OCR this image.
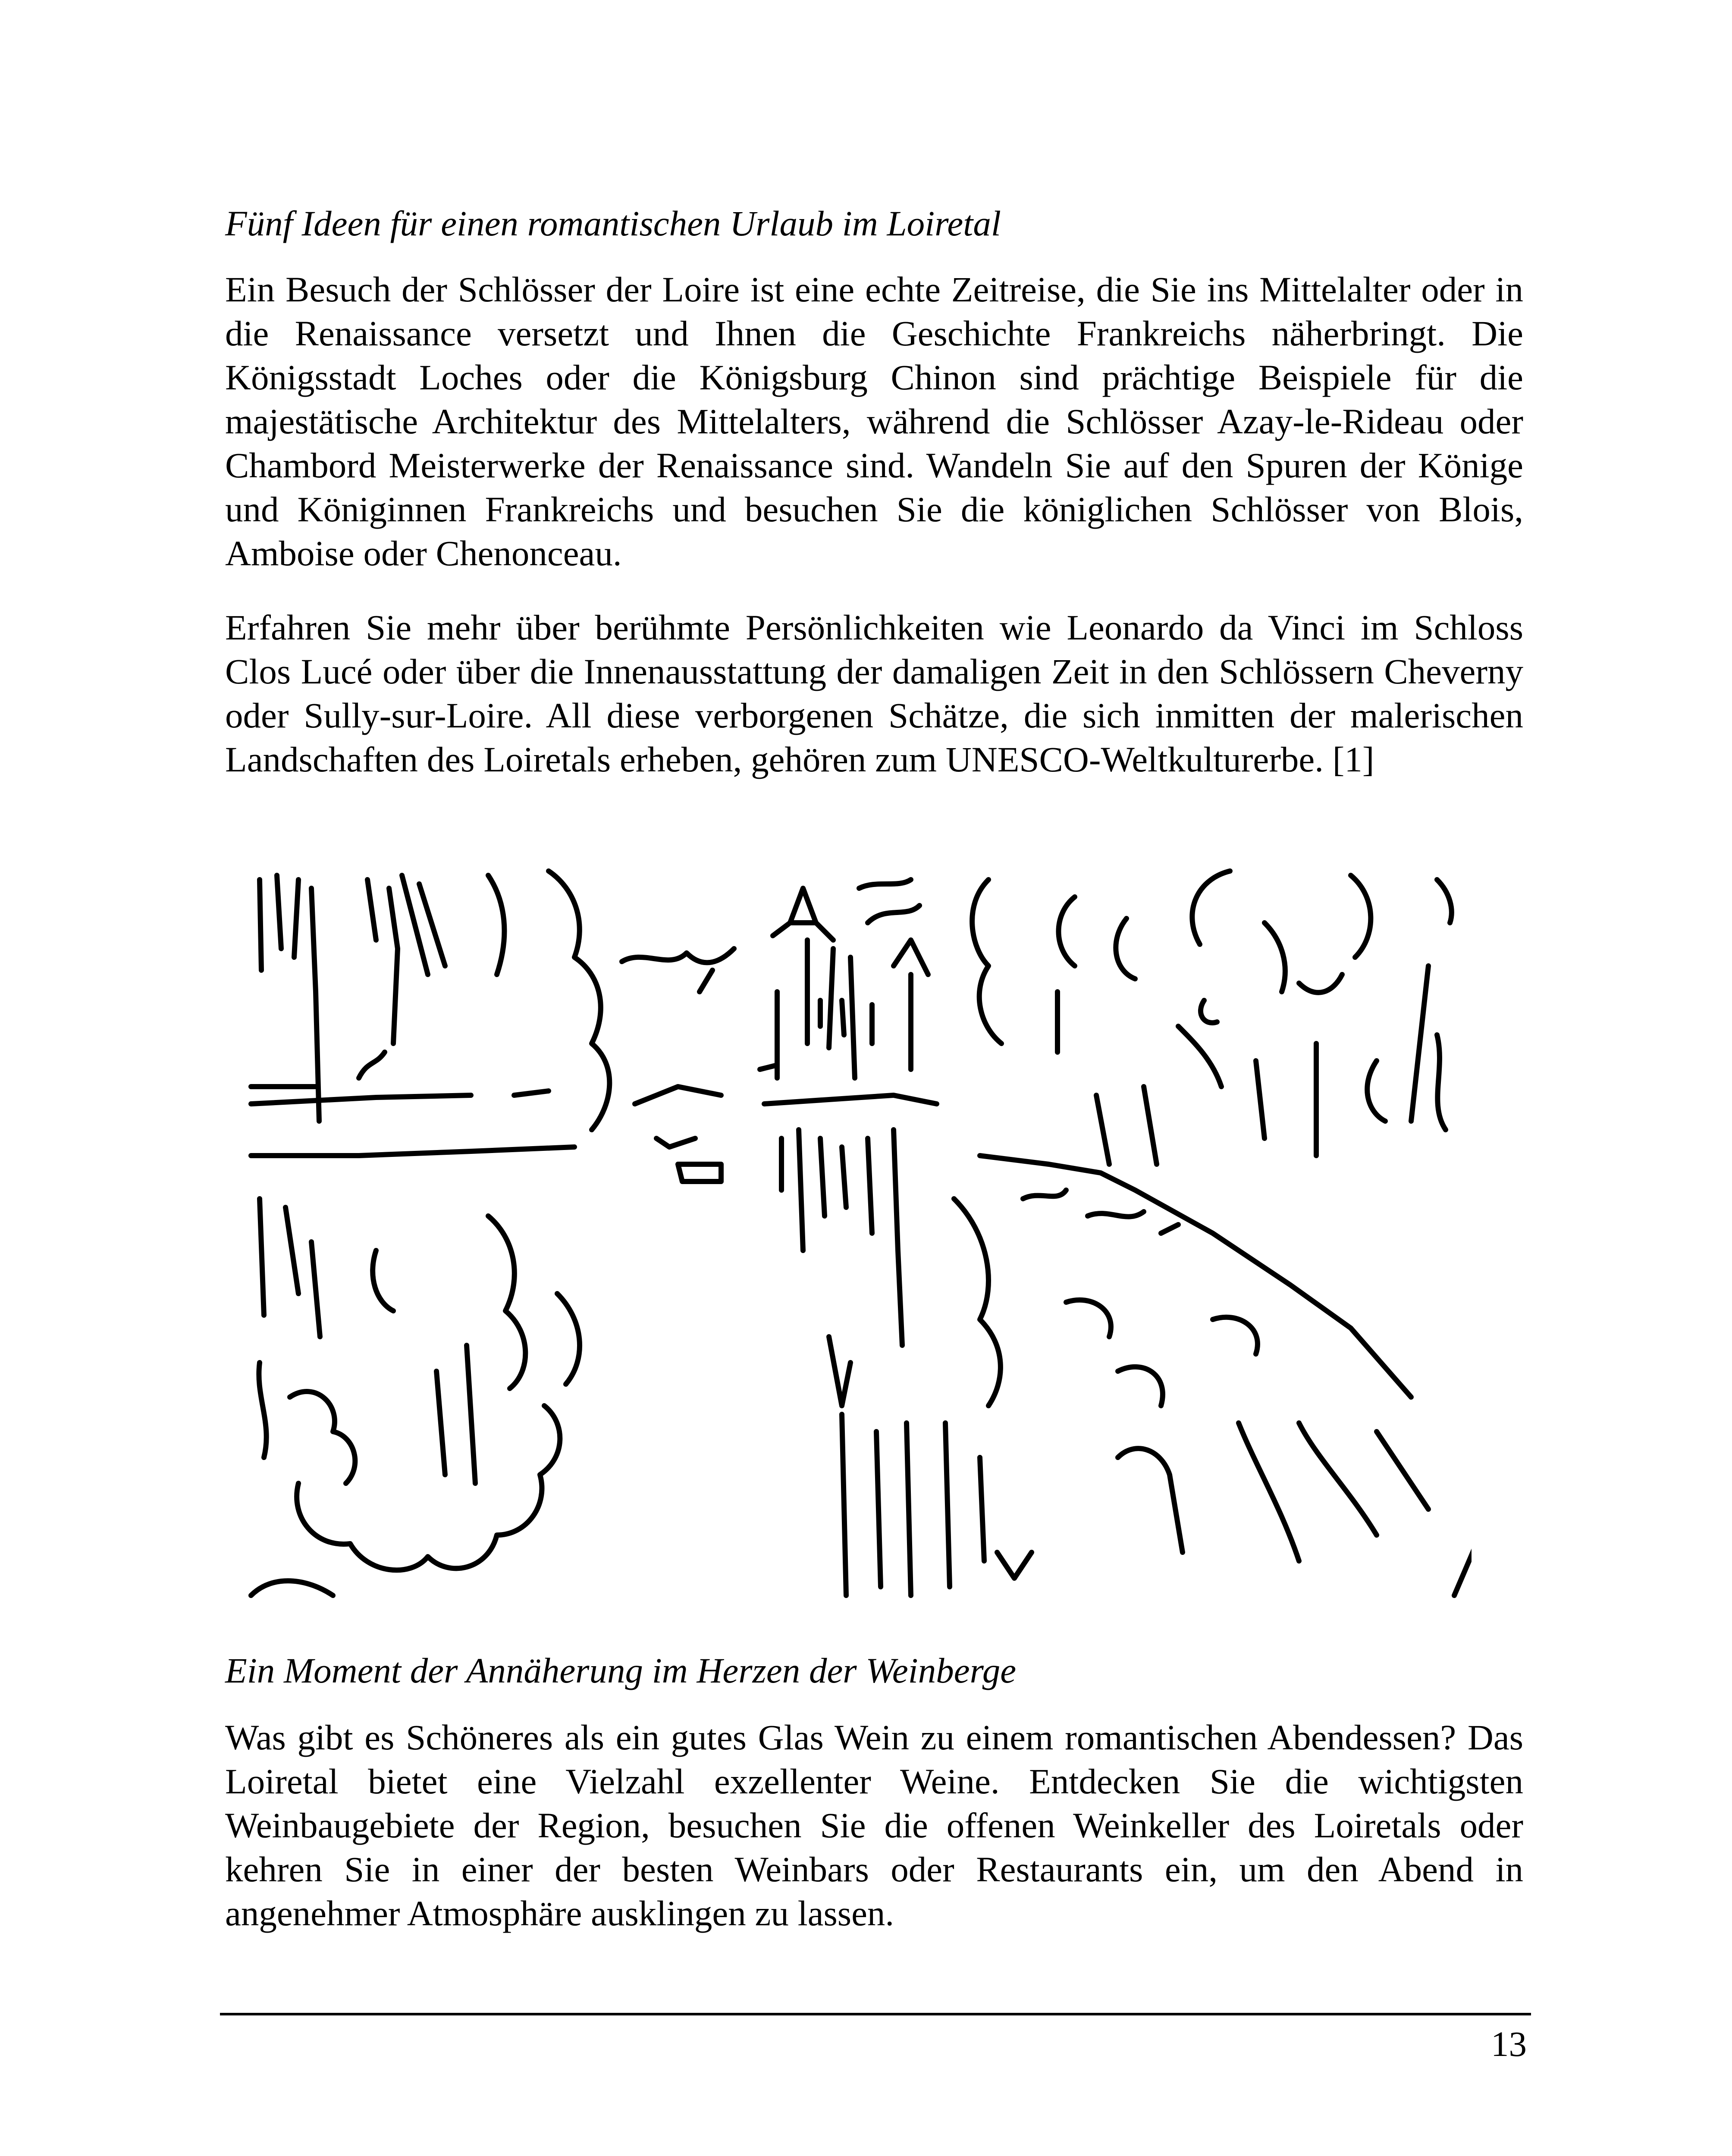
Fünf Ideen für einen romantischen Urlaub im Loiretal
Ein Besuch der Schlösser der Loire ist eine echte Zeitreise, die Sie ins Mittelalter oder in die Renaissance versetzt und Ihnen die Geschichte Frankreichs näherbringt. Die Königsstadt Loches oder die Königsburg Chinon sind prächtige Beispiele für die majestätische Architektur des Mittelalters, während die Schlösser Azay-le-Rideau oder Chambord Meisterwerke der Renaissance sind. Wandeln Sie auf den Spuren der Könige und Königinnen Frankreichs und besuchen Sie die königlichen Schlösser von Blois, Amboise oder Chenonceau.
Erfahren Sie mehr über berühmte Persönlichkeiten wie Leonardo da Vinci im Schloss Clos Lucé oder über die Innenausstattung der damaligen Zeit in den Schlössern Cheverny oder Sully-sur-Loire. All diese verborgenen Schätze, die sich inmitten der malerischen Landschaften des Loiretals erheben, gehören zum UNESCO-Weltkulturerbe. [1]
Ein Moment der Annäherung im Herzen der Weinberge
Was gibt es Schöneres als ein gutes Glas Wein zu einem romantischen Abendessen? Das Loiretal bietet eine Vielzahl exzellenter Weine. Entdecken Sie die wichtigsten Weinbaugebiete der Region, besuchen Sie die offenen Weinkeller des Loiretals oder kehren Sie in einer der besten Weinbars oder Restaurants ein, um den Abend in angenehmer Atmosphäre ausklingen zu lassen.
13
